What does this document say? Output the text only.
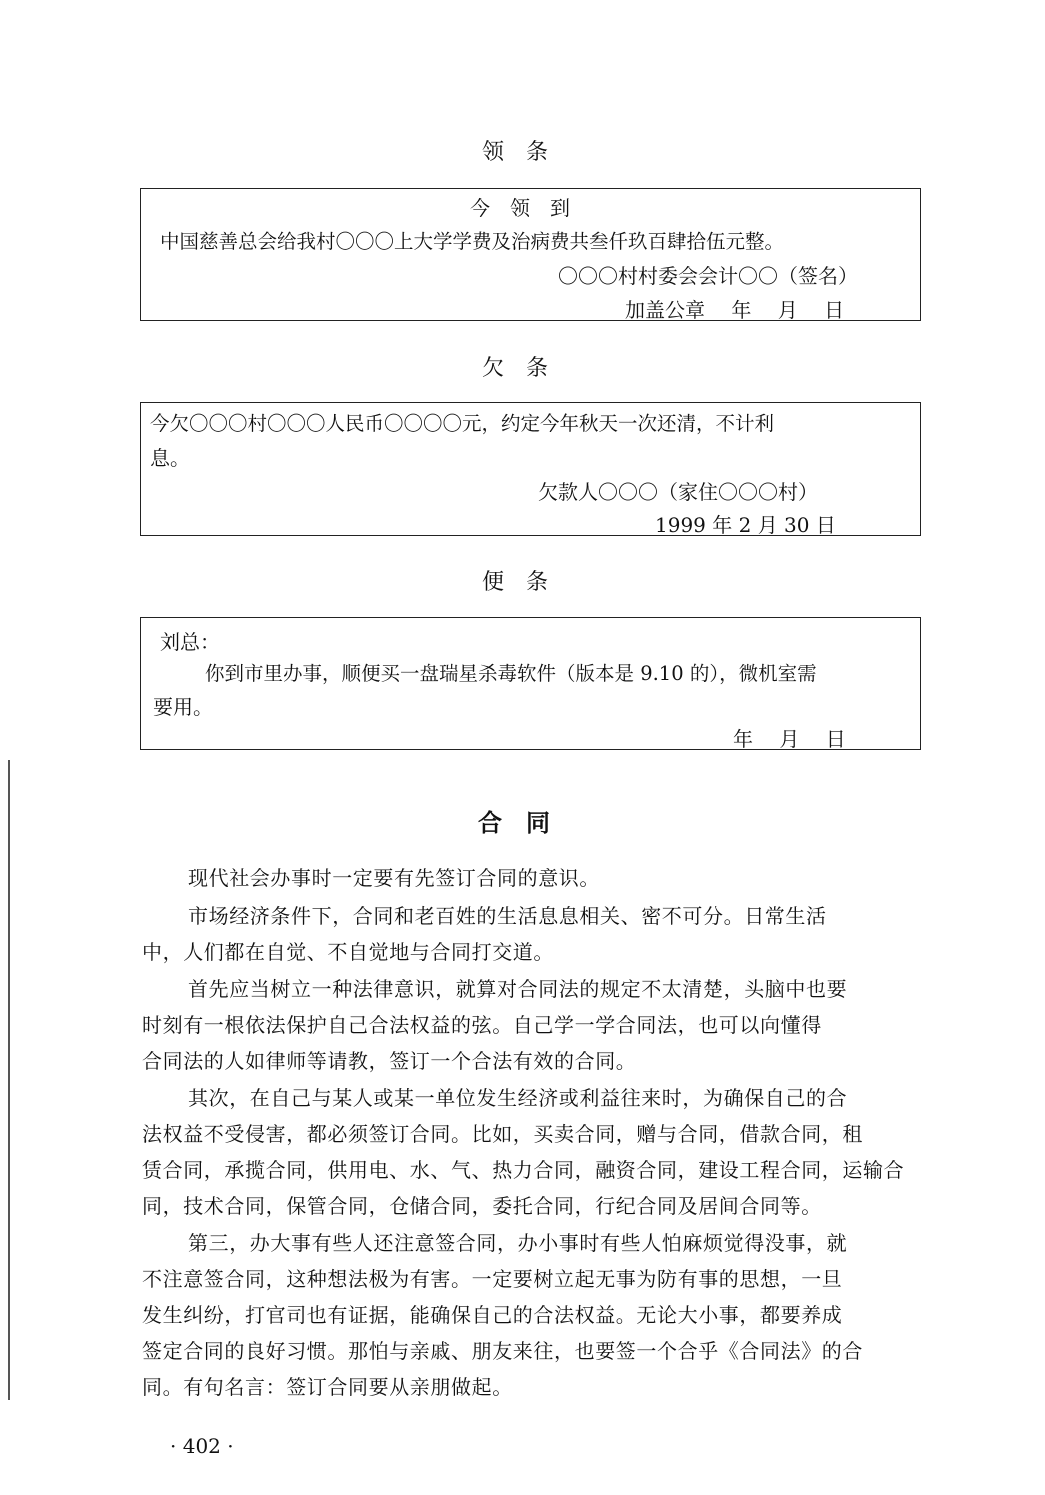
领　条
今　领　到
中国慈善总会给我村〇〇〇上大学学费及治病费共叁仟玖百肆拾伍元整。
〇〇〇村村委会会计〇〇（签名）
加盖公章　 年　 月　 日
欠　条
今欠〇〇〇村〇〇〇人民币〇〇〇〇元，约定今年秋天一次还清，不计利
息。
欠款人〇〇〇（家住〇〇〇村）
1999 年 2 月 30 日
便　条
刘总：
你到市里办事，顺便买一盘瑞星杀毒软件（版本是 9.10 的），微机室需
要用。
年　 月　 日
合　同
现代社会办事时一定要有先签订合同的意识。
市场经济条件下，合同和老百姓的生活息息相关、密不可分。日常生活
中，人们都在自觉、不自觉地与合同打交道。
首先应当树立一种法律意识，就算对合同法的规定不太清楚，头脑中也要
时刻有一根依法保护自己合法权益的弦。自己学一学合同法，也可以向懂得
合同法的人如律师等请教，签订一个合法有效的合同。
其次，在自己与某人或某一单位发生经济或利益往来时，为确保自己的合
法权益不受侵害，都必须签订合同。比如，买卖合同，赠与合同，借款合同，租
赁合同，承揽合同，供用电、水、气、热力合同，融资合同，建设工程合同，运输合
同，技术合同，保管合同，仓储合同，委托合同，行纪合同及居间合同等。
第三，办大事有些人还注意签合同，办小事时有些人怕麻烦觉得没事，就
不注意签合同，这种想法极为有害。一定要树立起无事为防有事的思想，一旦
发生纠纷，打官司也有证据，能确保自己的合法权益。无论大小事，都要养成
签定合同的良好习惯。那怕与亲戚、朋友来往，也要签一个合乎《合同法》的合
同。有句名言：签订合同要从亲朋做起。
· 402 ·
